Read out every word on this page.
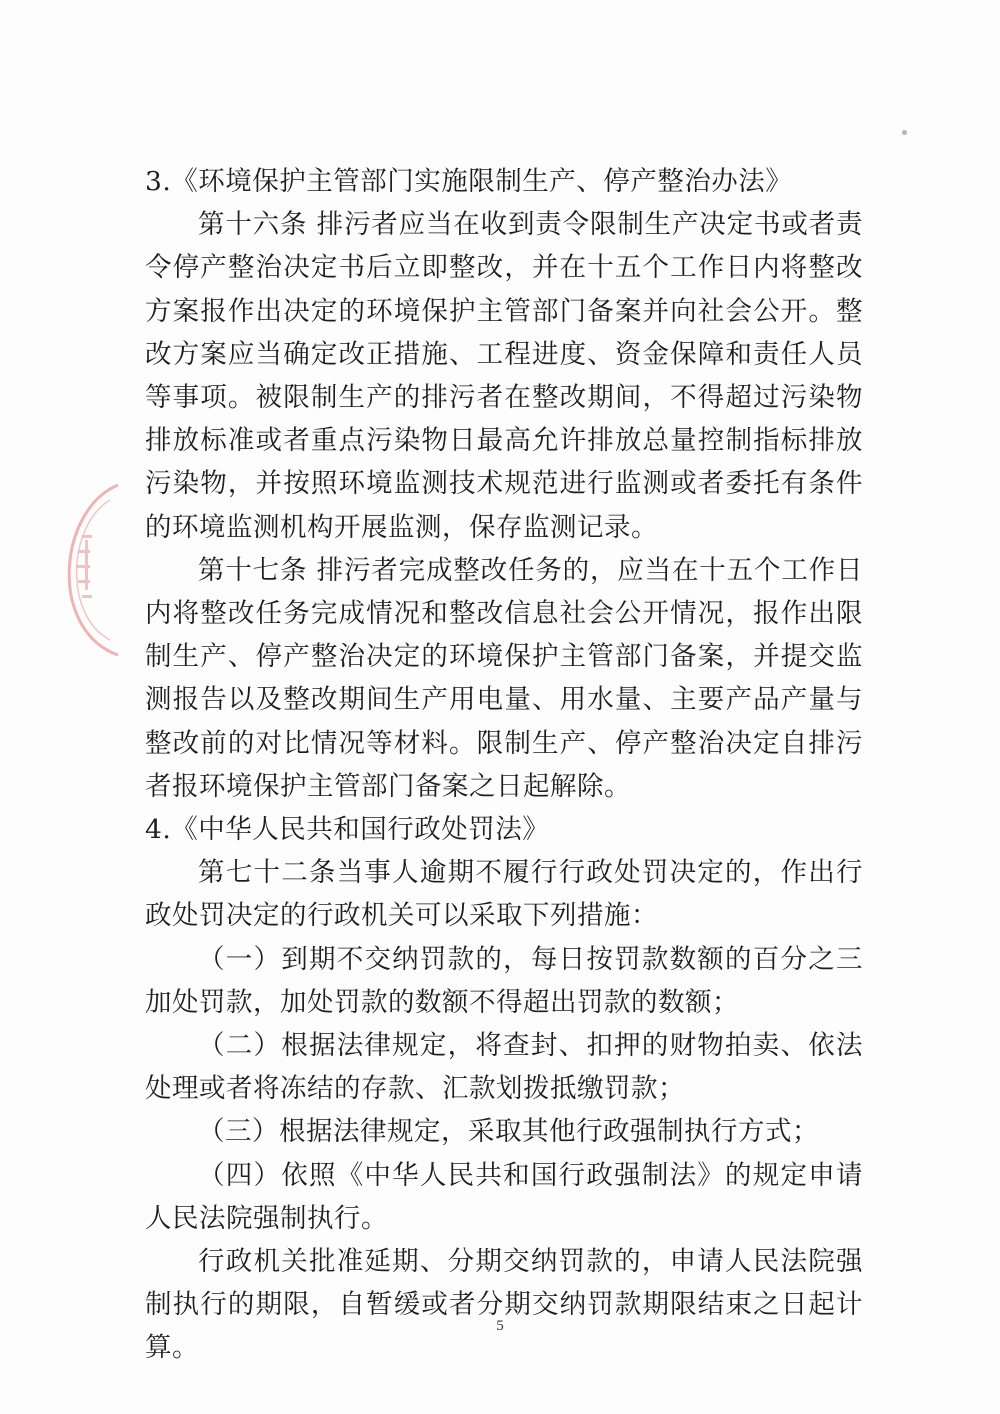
3.《环境保护主管部门实施限制生产、停产整治办法》

第十六条 排污者应当在收到责令限制生产决定书或者责令停产整治决定书后立即整改，并在十五个工作日内将整改方案报作出决定的环境保护主管部门备案并向社会公开。整改方案应当确定改正措施、工程进度、资金保障和责任人员等事项。被限制生产的排污者在整改期间，不得超过污染物排放标准或者重点污染物日最高允许排放总量控制指标排放污染物，并按照环境监测技术规范进行监测或者委托有条件的环境监测机构开展监测，保存监测记录。

第十七条 排污者完成整改任务的，应当在十五个工作日内将整改任务完成情况和整改信息社会公开情况，报作出限制生产、停产整治决定的环境保护主管部门备案，并提交监测报告以及整改期间生产用电量、用水量、主要产品产量与整改前的对比情况等材料。限制生产、停产整治决定自排污者报环境保护主管部门备案之日起解除。

4.《中华人民共和国行政处罚法》

第七十二条当事人逾期不履行行政处罚决定的，作出行政处罚决定的行政机关可以采取下列措施：

（一）到期不交纳罚款的，每日按罚款数额的百分之三加处罚款，加处罚款的数额不得超出罚款的数额；

（二）根据法律规定，将查封、扣押的财物拍卖、依法处理或者将冻结的存款、汇款划拨抵缴罚款；

（三）根据法律规定，采取其他行政强制执行方式；

（四）依照《中华人民共和国行政强制法》的规定申请人民法院强制执行。

行政机关批准延期、分期交纳罚款的，申请人民法院强制执行的期限，自暂缓或者分期交纳罚款期限结束之日起计算。

5
